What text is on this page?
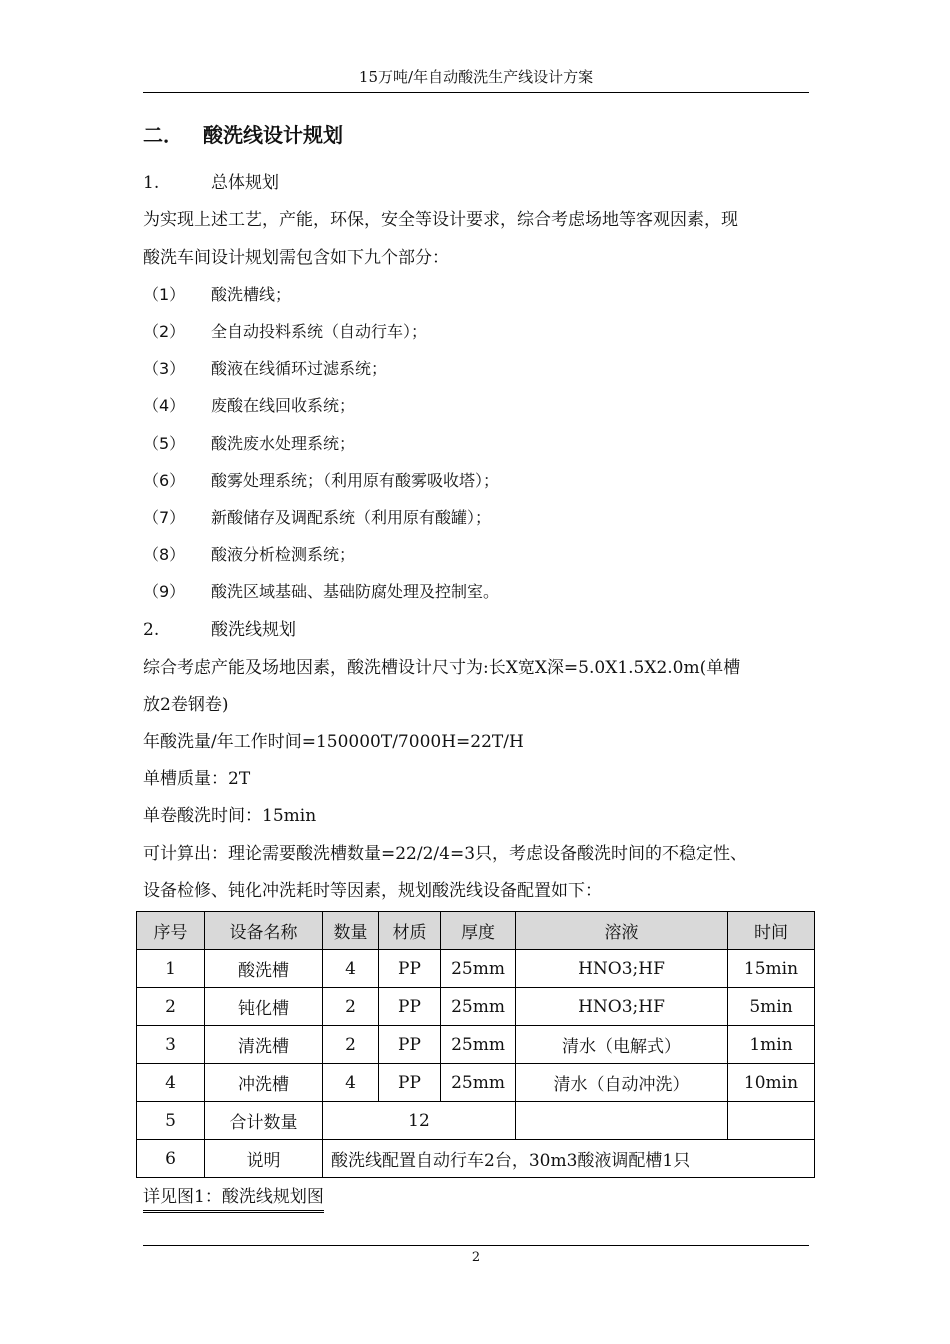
15万吨/年自动酸洗生产线设计方案
二． 酸洗线设计规划
1.	总体规划
为实现上述工艺，产能，环保，安全等设计要求，综合考虑场地等客观因素，现
酸洗车间设计规划需包含如下九个部分：
（1） 酸洗槽线；
（2） 全自动投料系统（自动行车）；
（3） 酸液在线循环过滤系统；
（4） 废酸在线回收系统；
（5） 酸洗废水处理系统；
（6） 酸雾处理系统；（利用原有酸雾吸收塔）；
（7） 新酸储存及调配系统（利用原有酸罐）；
（8） 酸液分析检测系统；
（9） 酸洗区域基础、基础防腐处理及控制室。
2.	酸洗线规划
综合考虑产能及场地因素，酸洗槽设计尺寸为:长X宽X深=5.0X1.5X2.0m(单槽
放2卷钢卷)
年酸洗量/年工作时间=150000T/7000H=22T/H
单槽质量：2T
单卷酸洗时间：15min
可计算出：理论需要酸洗槽数量=22/2/4=3只，考虑设备酸洗时间的不稳定性、
设备检修、钝化冲洗耗时等因素，规划酸洗线设备配置如下：
序号	设备名称	数量	材质	厚度	溶液	时间
1	酸洗槽	4	PP	25mm	HNO3;HF	15min
2	钝化槽	2	PP	25mm	HNO3;HF	5min
3	清洗槽	2	PP	25mm	清水（电解式）	1min
4	冲洗槽	4	PP	25mm	清水（自动冲洗）	10min
5	合计数量	12				
6	说明	酸洗线配置自动行车2台，30m3酸液调配槽1只				
详见图1：酸洗线规划图
2
